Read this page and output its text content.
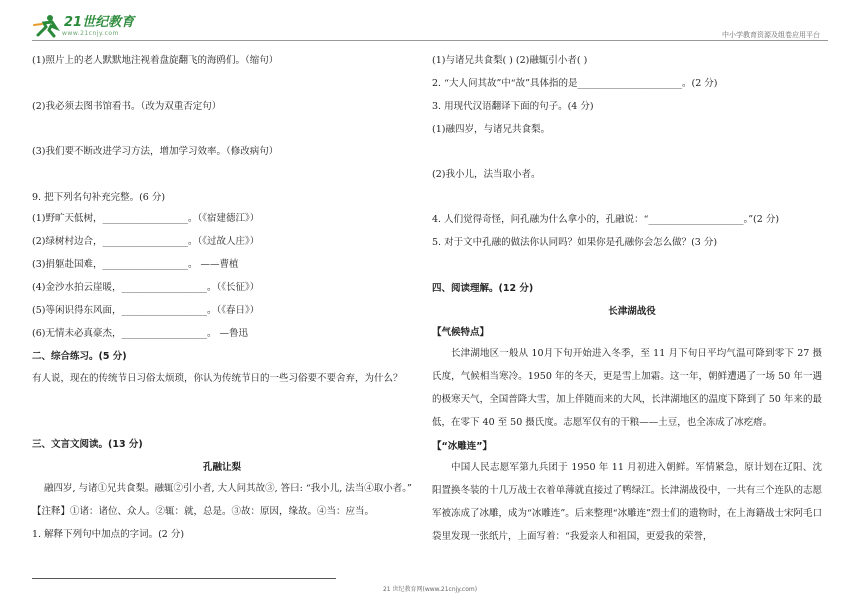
21世纪教育
www.21cnjy.com	中小学教育资源及组卷应用平台
(1)照片上的老人默默地注视着盘旋翻飞的海鸥们。（缩句）
(2)我必须去图书馆看书。（改为双重否定句）
(3)我们要不断改进学习方法，增加学习效率。（修改病句）
9. 把下列名句补充完整。(6 分)
(1)野旷天低树，__________________。（《宿建德江》）
(2)绿树村边合，__________________。（《过故人庄》）
(3)捐躯赴国难，__________________。 ——曹植
(4)金沙水拍云崖暖，__________________。（《长征》）
(5)等闲识得东风面，__________________。（《春日》）
(6)无情未必真豪杰，__________________。 —鲁迅
二、综合练习。(5 分)
有人说，现在的传统节日习俗太烦琐，你认为传统节日的一些习俗要不要舍弃，为什么？
三、文言文阅读。(13 分)
孔融让梨
融四岁, 与诸①兄共食梨。融辄②引小者, 大人问其故③, 答曰: “我小儿, 法当④取小者。”
【注释】①诸：诸位、众人。②辄：就，总是。③故：原因，缘故。④当：应当。
1. 解释下列句中加点的字词。(2 分)
(1)与诸兄共食梨( ) (2)融辄引小者( )
2. “大人问其故”中“故”具体指的是______________________。(2 分)
3. 用现代汉语翻译下面的句子。(4 分)
(1)融四岁，与诸兄共食梨。
(2)我小儿，法当取小者。
4. 人们觉得奇怪，问孔融为什么拿小的，孔融说：“____________________。”(2 分)
5. 对于文中孔融的做法你认同吗？如果你是孔融你会怎么做？(3 分)
四、阅读理解。(12 分)
长津湖战役
【气候特点】
长津湖地区一般从 10月下旬开始进入冬季，至 11 月下旬日平均气温可降到零下 27 摄氏度，气候相当寒冷。1950 年的冬天，更是雪上加霜。这一年，朝鲜遭遇了一场 50 年一遇的极寒天气，全国普降大雪，加上伴随而来的大风，长津湖地区的温度下降到了 50 年来的最低，在零下 40 至 50 摄氏度。志愿军仅有的干粮——土豆，也全冻成了冰疙瘩。
【“冰雕连”】
中国人民志愿军第九兵团于 1950 年 11 月初进入朝鲜。军情紧急，原计划在辽阳、沈阳置换冬装的十几万战士衣着单薄就直接过了鸭绿江。长津湖战役中，一共有三个连队的志愿军被冻成了冰雕，成为“冰雕连”。后来整理“冰雕连”烈士们的遗物时，在上海籍战士宋阿毛口袋里发现一张纸片，上面写着：“我爱亲人和祖国，更爱我的荣誉，
21 世纪教育网(www.21cnjy.com)
